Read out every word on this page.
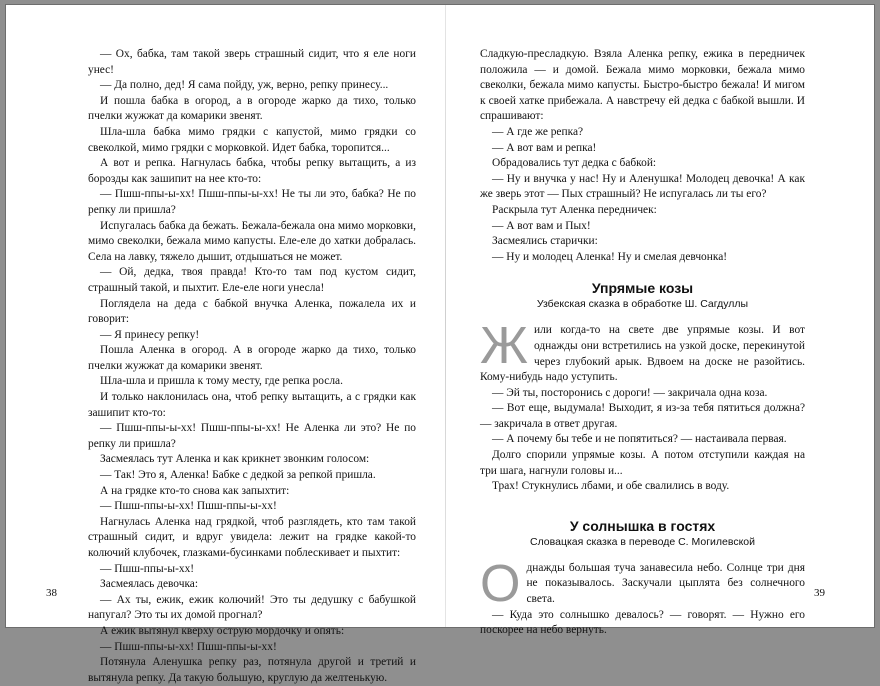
— Ох, бабка, там такой зверь страшный сидит, что я еле ноги унес!

— Да полно, дед! Я сама пойду, уж, верно, репку принесу...

И пошла бабка в огород, а в огороде жарко да тихо, только пчелки жужжат да комарики звенят.

Шла-шла бабка мимо грядки с капустой, мимо грядки со свеколкой, мимо грядки с морковкой. Идет бабка, торопится...

А вот и репка. Нагнулась бабка, чтобы репку вытащить, а из борозды как зашипит на нее кто-то:

— Пшш-ппы-ы-хх! Пшш-ппы-ы-хх! Не ты ли это, бабка? Не по репку ли пришла?

Испугалась бабка да бежать. Бежала-бежала она мимо морковки, мимо свеколки, бежала мимо капусты. Еле-еле до хатки добралась. Села на лавку, тяжело дышит, отдышаться не может.

— Ой, дедка, твоя правда! Кто-то там под кустом сидит, страшный такой, и пыхтит. Еле-еле ноги унесла!

Поглядела на деда с бабкой внучка Аленка, пожалела их и говорит:

— Я принесу репку!

Пошла Аленка в огород. А в огороде жарко да тихо, только пчелки жужжат да комарики звенят.

Шла-шла и пришла к тому месту, где репка росла.

И только наклонилась она, чтоб репку вытащить, а с грядки как зашипит кто-то:

— Пшш-ппы-ы-хх! Пшш-ппы-ы-хх! Не Аленка ли это? Не по репку ли пришла?

Засмеялась тут Аленка и как крикнет звонким голосом:

— Так! Это я, Аленка! Бабке с дедкой за репкой пришла.

А на грядке кто-то снова как запыхтит:

— Пшш-ппы-ы-хх! Пшш-ппы-ы-хх!

Нагнулась Аленка над грядкой, чтоб разглядеть, кто там такой страшный сидит, и вдруг увидела: лежит на грядке какой-то колючий клубочек, глазками-бусинками поблескивает и пыхтит:

— Пшш-ппы-ы-хх!

Засмеялась девочка:

— Ах ты, ежик, ежик колючий! Это ты дедушку с бабушкой напугал? Это ты их домой прогнал?

А ежик вытянул кверху острую мордочку и опять:

— Пшш-ппы-ы-хх! Пшш-ппы-ы-хх!

Потянула Аленушка репку раз, потянула другой и третий и вытянула репку. Да такую большую, круглую да желтенькую.

38

Сладкую-пресладкую. Взяла Аленка репку, ежика в передничек положила — и домой. Бежала мимо морковки, бежала мимо свеколки, бежала мимо капусты. Быстро-быстро бежала! И мигом к своей хатке прибежала. А навстречу ей дедка с бабкой вышли. И спрашивают:

— А где же репка?

— А вот вам и репка!

Обрадовались тут дедка с бабкой:

— Ну и внучка у нас! Ну и Аленушка! Молодец девочка! А как же зверь этот — Пых страшный? Не испугалась ли ты его?

Раскрыла тут Аленка передничек:

— А вот вам и Пых!

Засмеялись старички:

— Ну и молодец Аленка! Ну и смелая девчонка!

Упрямые козы
Узбекская сказка в обработке Ш. Сагдуллы

Жили когда-то на свете две упрямые козы. И вот однажды они встретились на узкой доске, перекинутой через глубокий арык. Вдвоем на доске не разойтись. Кому-нибудь надо уступить.

— Эй ты, посторонись с дороги! — закричала одна коза.

— Вот еще, выдумала! Выходит, я из-за тебя пятиться должна? — закричала в ответ другая.

— А почему бы тебе и не попятиться? — настаивала первая.

Долго спорили упрямые козы. А потом отступили каждая на три шага, нагнули головы и...

Трах! Стукнулись лбами, и обе свалились в воду.

У солнышка в гостях
Словацкая сказка в переводе С. Могилевской

Однажды большая туча занавесила небо. Солнце три дня не показывалось. Заскучали цыплята без солнечного света.

— Куда это солнышко девалось? — говорят. — Нужно его поскорее на небо вернуть.

39
